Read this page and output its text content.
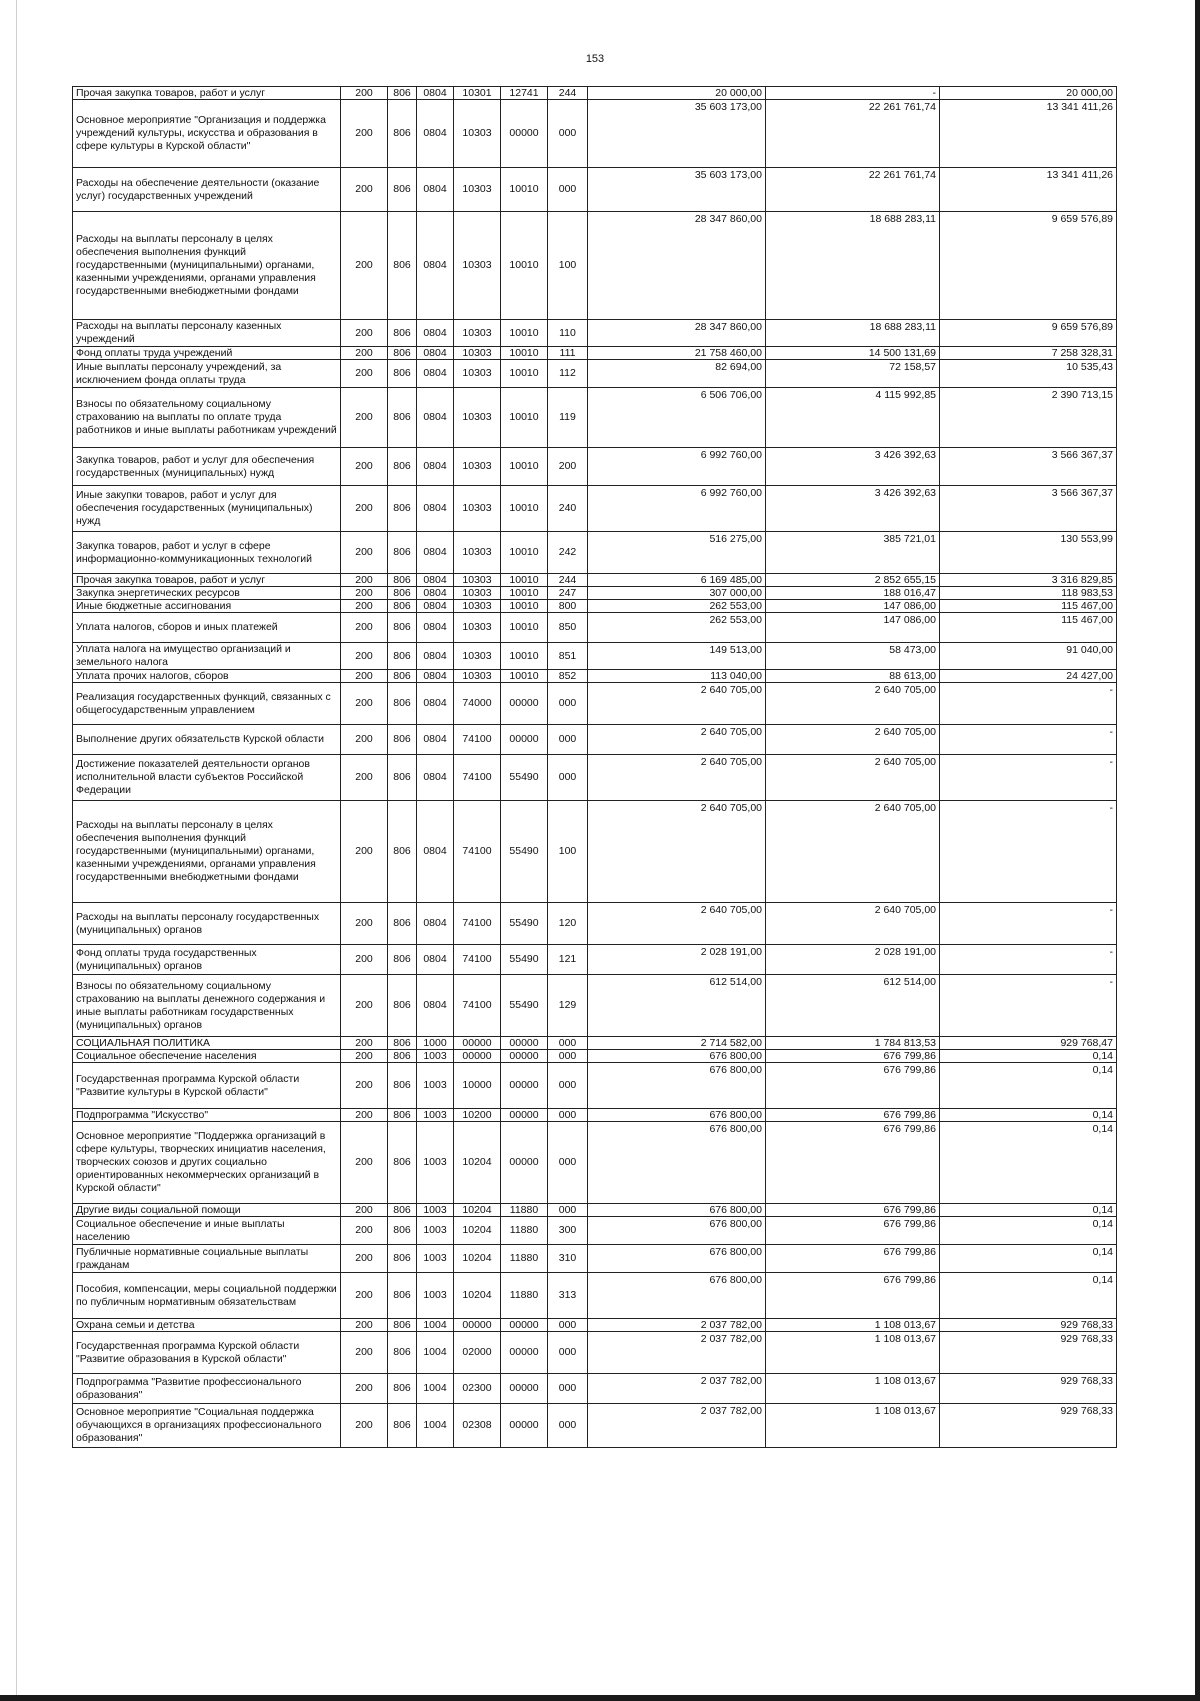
153
Прочая закупка товаров, работ и услуг	200	806	0804	10301	12741	244	20 000,00	-	20 000,00
Основное мероприятие "Организация и поддержка учреждений культуры, искусства и образования в сфере культуры в Курской области"	200	806	0804	10303	00000	000	35 603 173,00	22 261 761,74	13 341 411,26
Расходы на обеспечение деятельности (оказание услуг) государственных учреждений	200	806	0804	10303	10010	000	35 603 173,00	22 261 761,74	13 341 411,26
Расходы на выплаты персоналу в целях обеспечения выполнения функций государственными (муниципальными) органами, казенными учреждениями, органами управления государственными внебюджетными фондами	200	806	0804	10303	10010	100	28 347 860,00	18 688 283,11	9 659 576,89
Расходы на выплаты персоналу казенных учреждений	200	806	0804	10303	10010	110	28 347 860,00	18 688 283,11	9 659 576,89
Фонд оплаты труда учреждений	200	806	0804	10303	10010	111	21 758 460,00	14 500 131,69	7 258 328,31
Иные выплаты персоналу учреждений, за исключением фонда оплаты труда	200	806	0804	10303	10010	112	82 694,00	72 158,57	10 535,43
Взносы по обязательному социальному страхованию на выплаты по оплате труда работников и иные выплаты работникам учреждений	200	806	0804	10303	10010	119	6 506 706,00	4 115 992,85	2 390 713,15
Закупка товаров, работ и услуг для обеспечения государственных (муниципальных) нужд	200	806	0804	10303	10010	200	6 992 760,00	3 426 392,63	3 566 367,37
Иные закупки товаров, работ и услуг для обеспечения государственных (муниципальных) нужд	200	806	0804	10303	10010	240	6 992 760,00	3 426 392,63	3 566 367,37
Закупка товаров, работ и услуг в сфере информационно-коммуникационных технологий	200	806	0804	10303	10010	242	516 275,00	385 721,01	130 553,99
Прочая закупка товаров, работ и услуг	200	806	0804	10303	10010	244	6 169 485,00	2 852 655,15	3 316 829,85
Закупка энергетических ресурсов	200	806	0804	10303	10010	247	307 000,00	188 016,47	118 983,53
Иные бюджетные ассигнования	200	806	0804	10303	10010	800	262 553,00	147 086,00	115 467,00
Уплата налогов, сборов и иных платежей	200	806	0804	10303	10010	850	262 553,00	147 086,00	115 467,00
Уплата налога на имущество организаций и земельного налога	200	806	0804	10303	10010	851	149 513,00	58 473,00	91 040,00
Уплата прочих налогов, сборов	200	806	0804	10303	10010	852	113 040,00	88 613,00	24 427,00
Реализация государственных функций, связанных с общегосударственным управлением	200	806	0804	74000	00000	000	2 640 705,00	2 640 705,00	-
Выполнение других обязательств Курской области	200	806	0804	74100	00000	000	2 640 705,00	2 640 705,00	-
Достижение показателей деятельности органов исполнительной власти субъектов Российской Федерации	200	806	0804	74100	55490	000	2 640 705,00	2 640 705,00	-
Расходы на выплаты персоналу в целях обеспечения выполнения функций государственными (муниципальными) органами, казенными учреждениями, органами управления государственными внебюджетными фондами	200	806	0804	74100	55490	100	2 640 705,00	2 640 705,00	-
Расходы на выплаты персоналу государственных (муниципальных) органов	200	806	0804	74100	55490	120	2 640 705,00	2 640 705,00	-
Фонд оплаты труда государственных (муниципальных) органов	200	806	0804	74100	55490	121	2 028 191,00	2 028 191,00	-
Взносы по обязательному социальному страхованию на выплаты денежного содержания и иные выплаты работникам государственных (муниципальных) органов	200	806	0804	74100	55490	129	612 514,00	612 514,00	-
СОЦИАЛЬНАЯ ПОЛИТИКА	200	806	1000	00000	00000	000	2 714 582,00	1 784 813,53	929 768,47
Социальное обеспечение населения	200	806	1003	00000	00000	000	676 800,00	676 799,86	0,14
Государственная программа Курской области "Развитие культуры в Курской области"	200	806	1003	10000	00000	000	676 800,00	676 799,86	0,14
Подпрограмма "Искусство"	200	806	1003	10200	00000	000	676 800,00	676 799,86	0,14
Основное мероприятие "Поддержка организаций в сфере культуры, творческих инициатив населения, творческих союзов и других социально ориентированных некоммерческих организаций в Курской области"	200	806	1003	10204	00000	000	676 800,00	676 799,86	0,14
Другие виды социальной помощи	200	806	1003	10204	11880	000	676 800,00	676 799,86	0,14
Социальное обеспечение и иные выплаты населению	200	806	1003	10204	11880	300	676 800,00	676 799,86	0,14
Публичные нормативные социальные выплаты гражданам	200	806	1003	10204	11880	310	676 800,00	676 799,86	0,14
Пособия, компенсации, меры социальной поддержки по публичным нормативным обязательствам	200	806	1003	10204	11880	313	676 800,00	676 799,86	0,14
Охрана семьи и детства	200	806	1004	00000	00000	000	2 037 782,00	1 108 013,67	929 768,33
Государственная программа Курской области "Развитие образования в Курской области"	200	806	1004	02000	00000	000	2 037 782,00	1 108 013,67	929 768,33
Подпрограмма "Развитие профессионального образования"	200	806	1004	02300	00000	000	2 037 782,00	1 108 013,67	929 768,33
Основное мероприятие "Социальная поддержка обучающихся в организациях профессионального образования"	200	806	1004	02308	00000	000	2 037 782,00	1 108 013,67	929 768,33
